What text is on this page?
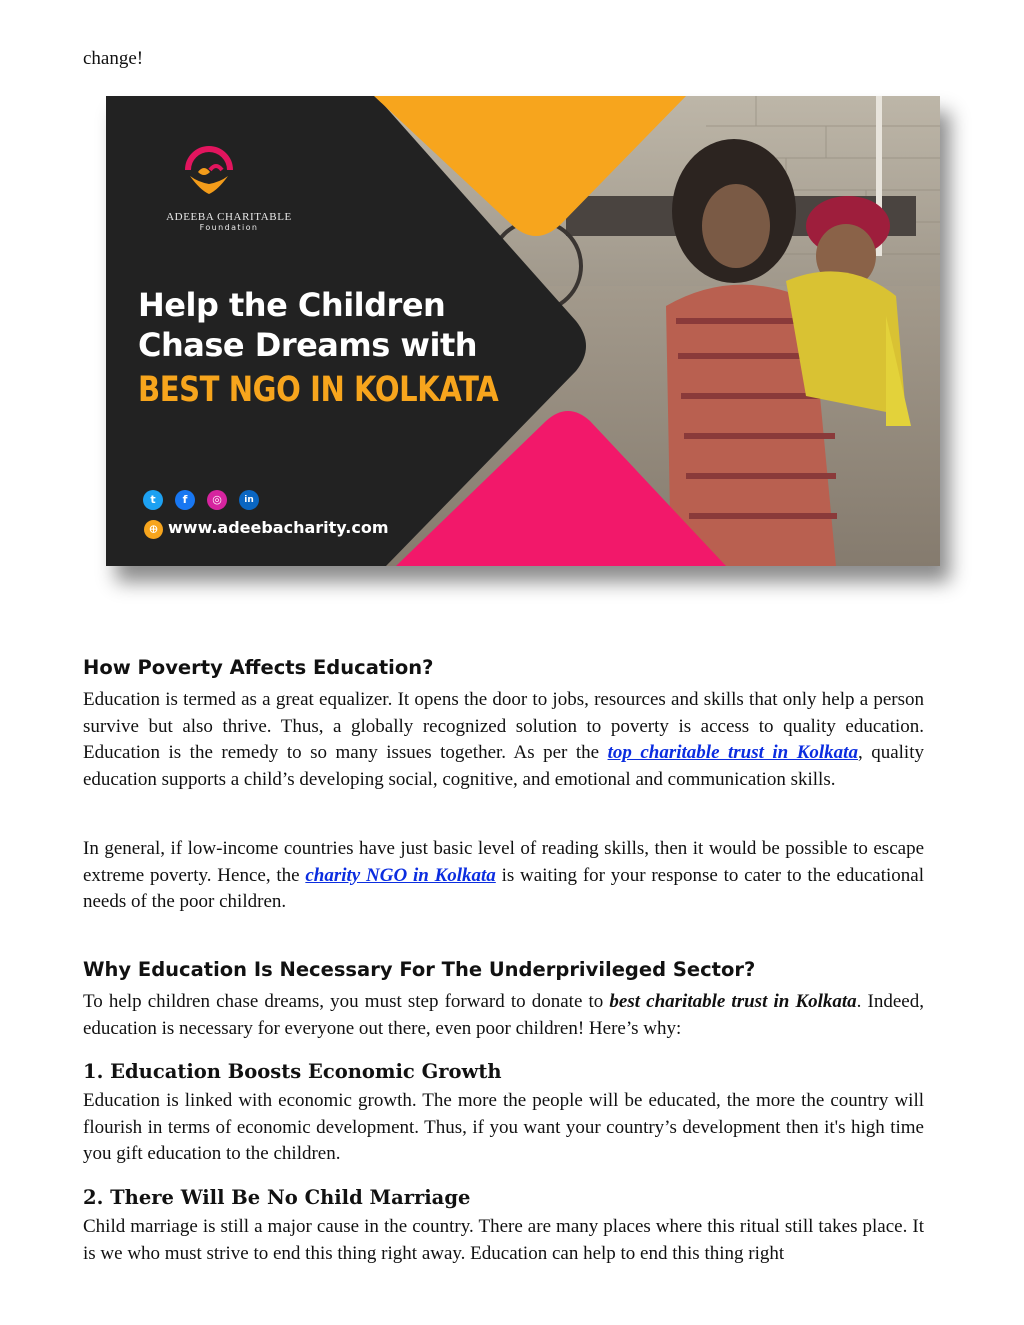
change!
ADEEBA CHARITABLE
Foundation
Help the Children
Chase Dreams with
BEST NGO IN KOLKATA
t	f	◎	in
⊕ www.adeebacharity.com
How Poverty Affects Education?
Education is termed as a great equalizer. It opens the door to jobs, resources and skills that only help a person survive but also thrive. Thus, a globally recognized solution to poverty is access to quality education. Education is the remedy to so many issues together. As per the top charitable trust in Kolkata, quality education supports a child’s developing social, cognitive, and emotional and communication skills.
In general, if low-income countries have just basic level of reading skills, then it would be possible to escape extreme poverty. Hence, the charity NGO in Kolkata is waiting for your response to cater to the educational needs of the poor children.
Why Education Is Necessary For The Underprivileged Sector?
To help children chase dreams, you must step forward to donate to best charitable trust in Kolkata. Indeed, education is necessary for everyone out there, even poor children! Here’s why:
1. Education Boosts Economic Growth
Education is linked with economic growth. The more the people will be educated, the more the country will flourish in terms of economic development. Thus, if you want your country’s development then it's high time you gift education to the children.
2. There Will Be No Child Marriage
Child marriage is still a major cause in the country. There are many places where this ritual still takes place. It is we who must strive to end this thing right away. Education can help to end this thing right
